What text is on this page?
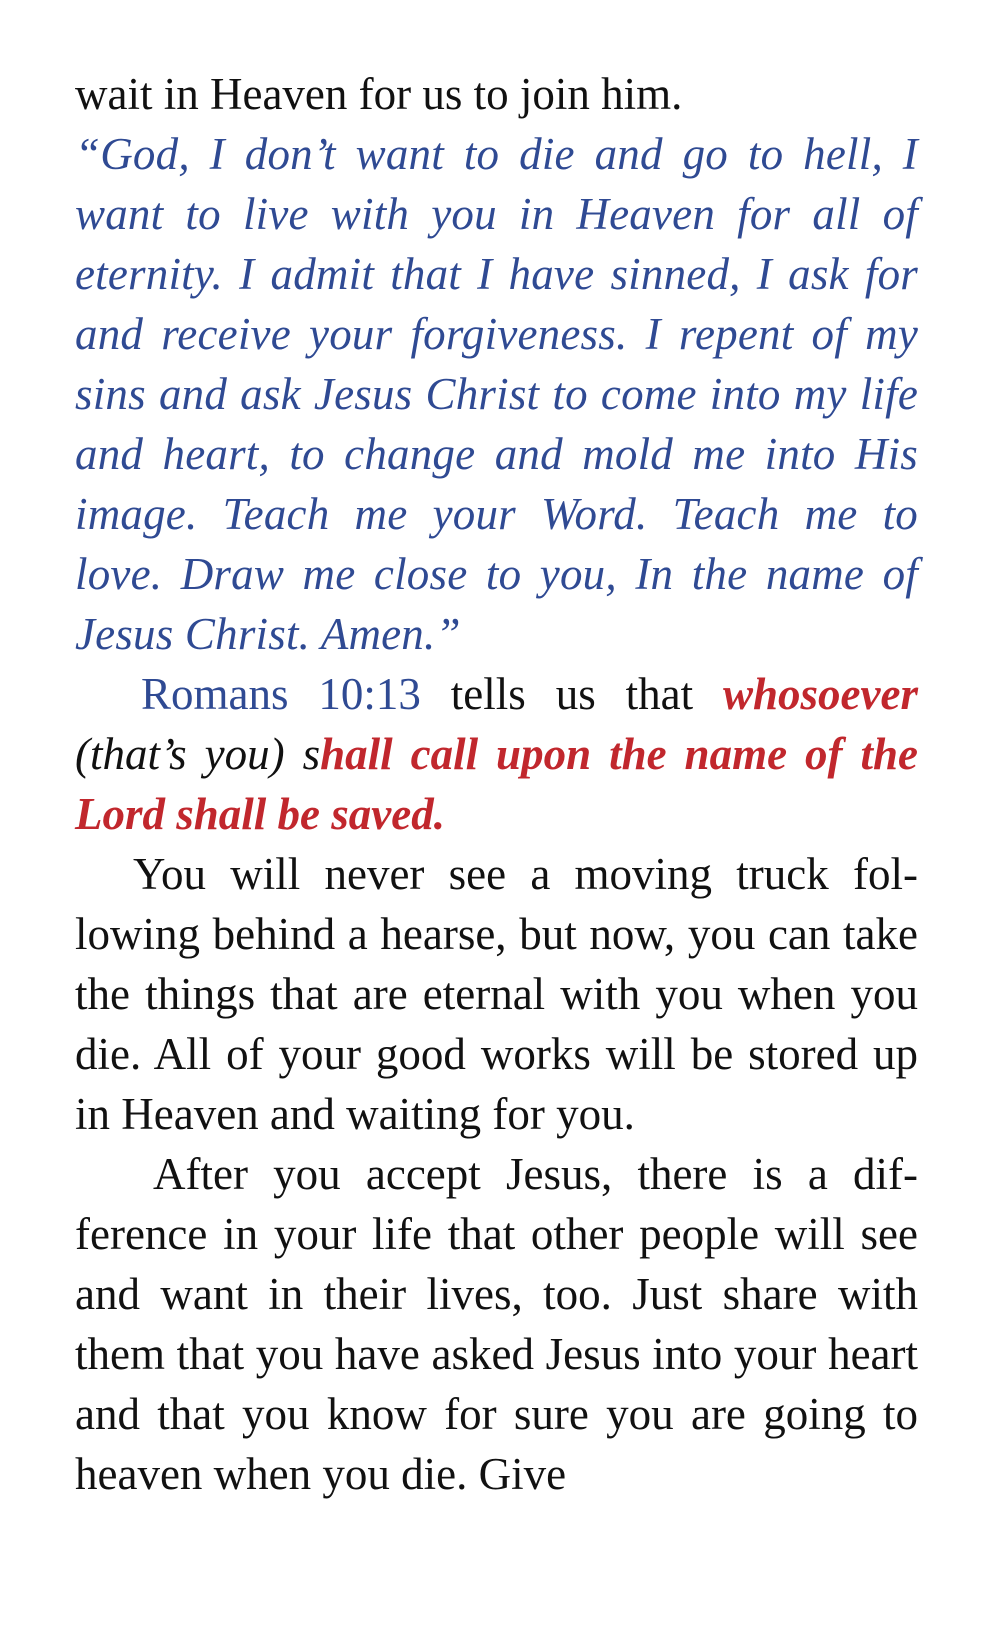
wait in Heaven for us to join him.

“God, I don’t want to die and go to hell, I want to live with you in Heaven for all of eternity. I admit that I have sinned, I ask for and receive your forgiveness. I repent of my sins and ask Jesus Christ to come into my life and heart, to change and mold me into His image. Teach me your Word. Teach me to love. Draw me close to you, In the name of Jesus Christ. Amen.”

Romans 10:13 tells us that whosoever (that’s you) shall call upon the name of the Lord shall be saved.

You will never see a moving truck following behind a hearse, but now, you can take the things that are eternal with you when you die. All of your good works will be stored up in Heaven and waiting for you.

After you accept Jesus, there is a difference in your life that other people will see and want in their lives, too. Just share with them that you have asked Jesus into your heart and that you know for sure you are going to heaven when you die. Give
